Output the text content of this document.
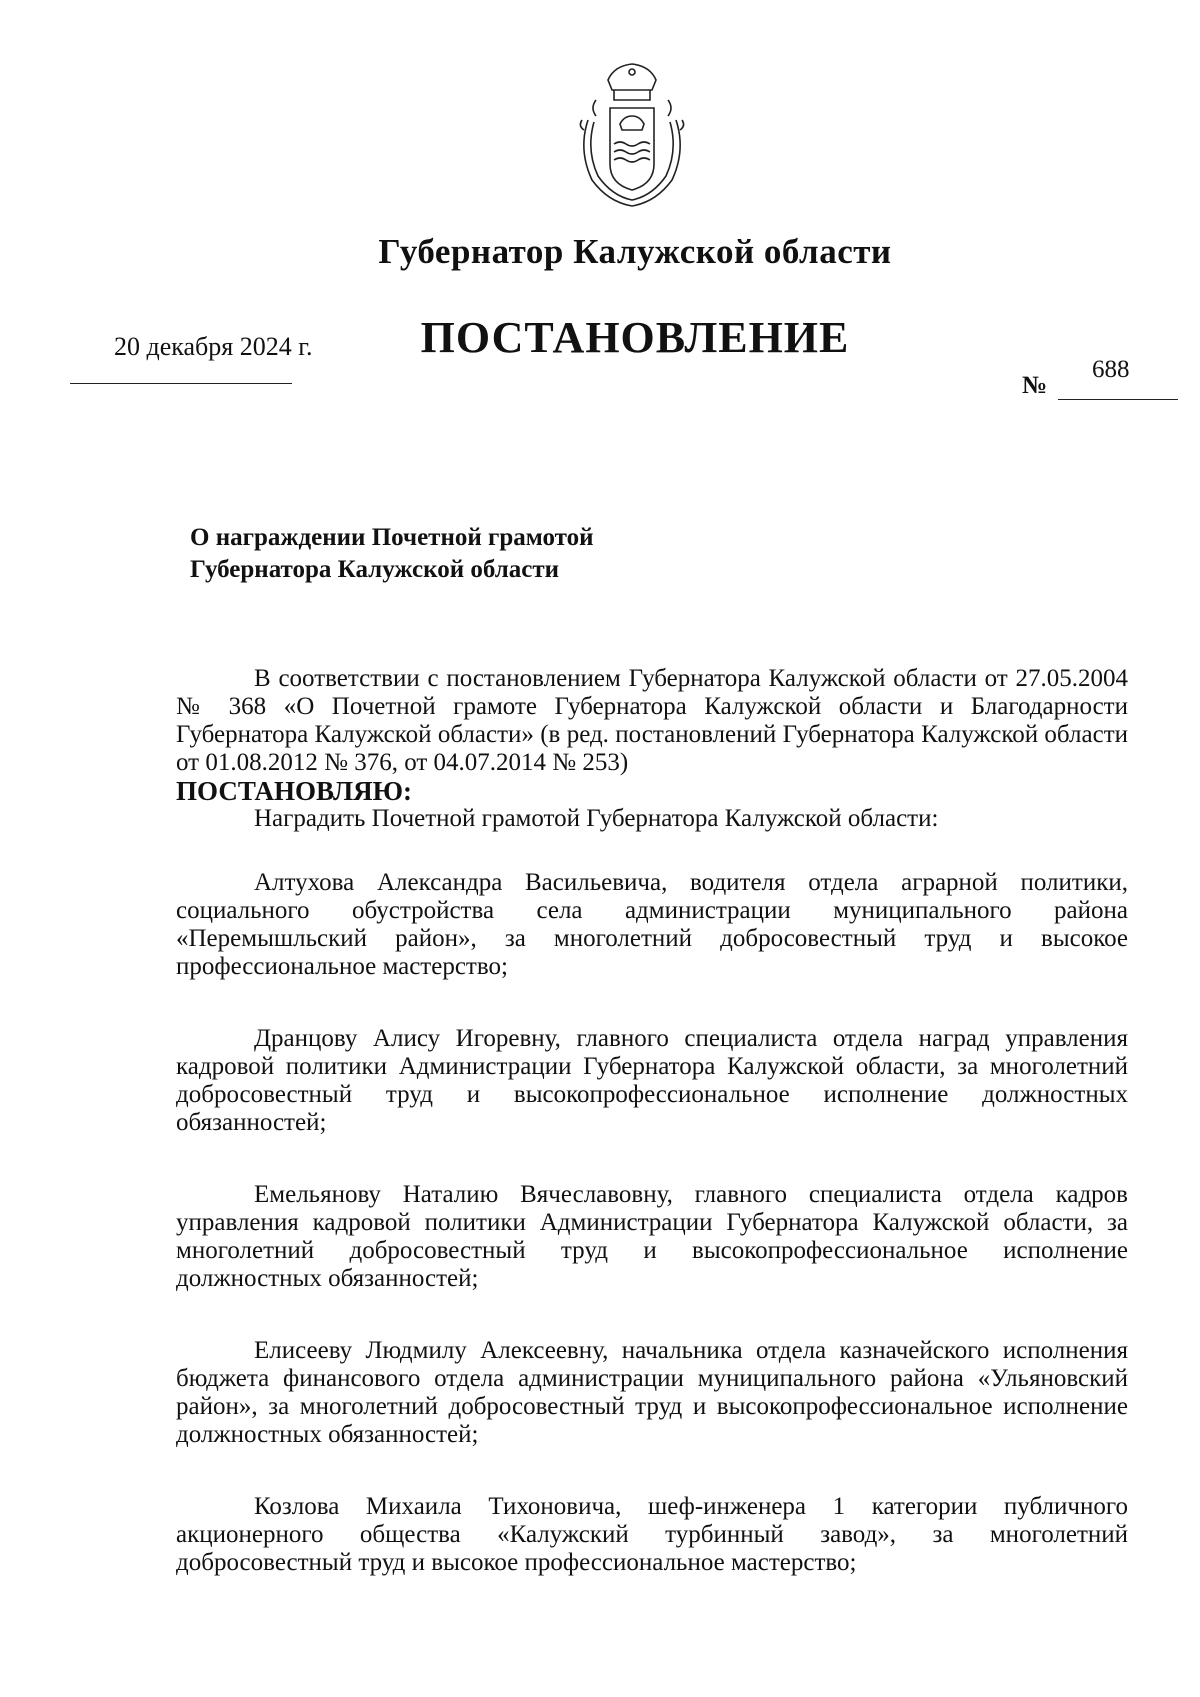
Губернатор Калужской области
20 декабря 2024 г.	ПОСТАНОВЛЕНИЕ
№
688
О награждении Почетной грамотой
Губернатора Калужской области

В соответствии с постановлением Губернатора Калужской области от 27.05.2004 № 368 «О Почетной грамоте Губернатора Калужской области и Благодарности Губернатора Калужской области» (в ред. постановлений Губернатора Калужской области от 01.08.2012 № 376, от 04.07.2014 № 253)

ПОСТАНОВЛЯЮ:

Наградить Почетной грамотой Губернатора Калужской области:

Алтухова Александра Васильевича, водителя отдела аграрной политики, социального обустройства села администрации муниципального района «Перемышльский район», за многолетний добросовестный труд и высокое профессиональное мастерство;

Дранцову Алису Игоревну, главного специалиста отдела наград управления кадровой политики Администрации Губернатора Калужской области, за многолетний добросовестный труд и высокопрофессиональное исполнение должностных обязанностей;

Емельянову Наталию Вячеславовну, главного специалиста отдела кадров управления кадровой политики Администрации Губернатора Калужской области, за многолетний добросовестный труд и высокопрофессиональное исполнение должностных обязанностей;

Елисееву Людмилу Алексеевну, начальника отдела казначейского исполнения бюджета финансового отдела администрации муниципального района «Ульяновский район», за многолетний добросовестный труд и высокопрофессиональное исполнение должностных обязанностей;

Козлова Михаила Тихоновича, шеф-инженера 1 категории публичного акционерного общества «Калужский турбинный завод», за многолетний добросовестный труд и высокое профессиональное мастерство;
